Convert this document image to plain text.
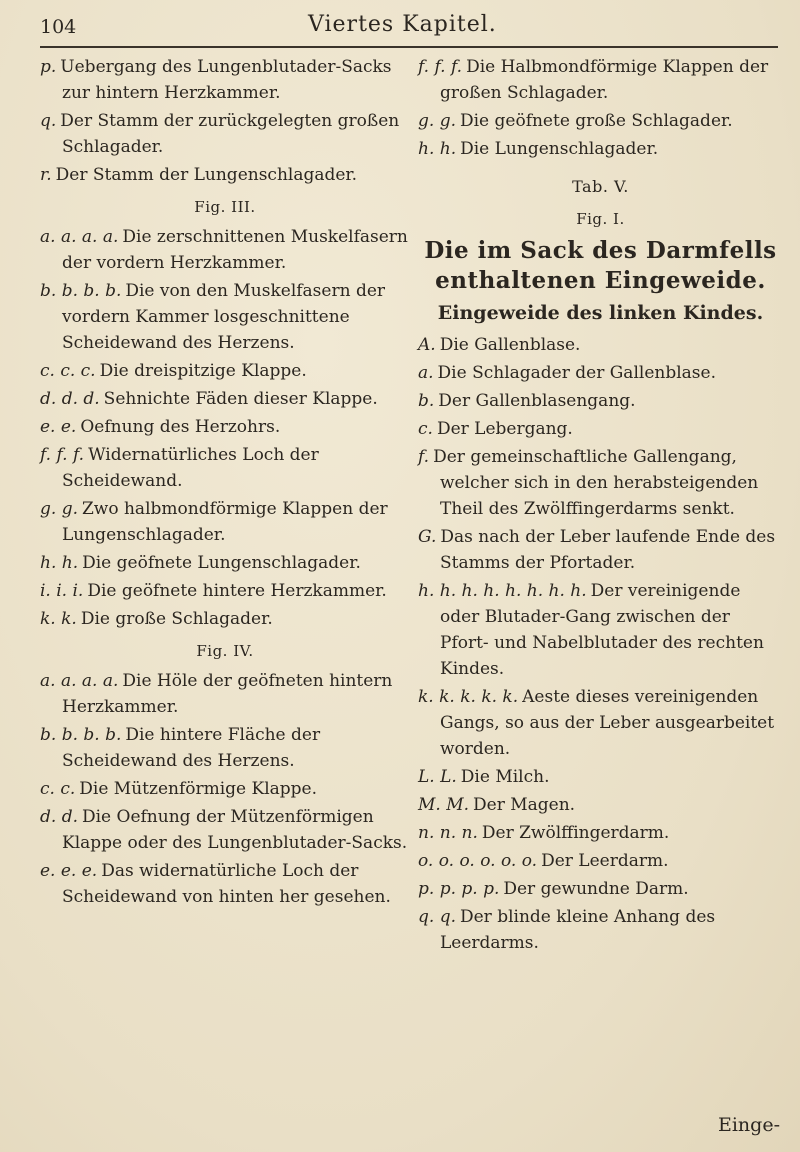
104	Viertes Kapitel.

p. Uebergang des Lungenblutader-Sacks zur hintern Herzkammer.

q. Der Stamm der zurückgelegten großen Schlagader.

r. Der Stamm der Lungenschlagader.

Fig. III.

a. a. a. a. Die zerschnittenen Muskelfasern der vordern Herzkammer.

b. b. b. b. Die von den Muskelfasern der vordern Kammer losgeschnittene Scheidewand des Herzens.

c. c. c. Die dreispitzige Klappe.

d. d. d. Sehnichte Fäden dieser Klappe.

e. e. Oefnung des Herzohrs.

f. f. f. Widernatürliches Loch der Scheidewand.

g. g. Zwo halbmondförmige Klappen der Lungenschlagader.

h. h. Die geöfnete Lungenschlagader.

i. i. i. Die geöfnete hintere Herzkammer.

k. k. Die große Schlagader.

Fig. IV.

a. a. a. a. Die Höle der geöfneten hintern Herzkammer.

b. b. b. b. Die hintere Fläche der Scheidewand des Herzens.

c. c. Die Mützenförmige Klappe.

d. d. Die Oefnung der Mützenförmigen Klappe oder des Lungenblutader-Sacks.

e. e. e. Das widernatürliche Loch der Scheidewand von hinten her gesehen.

f. f. f. Die Halbmondförmige Klappen der großen Schlagader.

g. g. Die geöfnete große Schlagader.

h. h. Die Lungenschlagader.

Tab. V.
Fig. I.
Die im Sack des Darmfells enthaltenen Eingeweide.
Eingeweide des linken Kindes.

A. Die Gallenblase.

a. Die Schlagader der Gallenblase.

b. Der Gallenblasengang.

c. Der Lebergang.

f. Der gemeinschaftliche Gallengang, welcher sich in den herabsteigenden Theil des Zwölffingerdarms senkt.

G. Das nach der Leber laufende Ende des Stamms der Pfortader.

h. h. h. h. h. h. h. h. Der vereinigende oder Blutader-Gang zwischen der Pfort- und Nabelblutader des rechten Kindes.

k. k. k. k. k. Aeste dieses vereinigenden Gangs, so aus der Leber ausgearbeitet worden.

L. L. Die Milch.

M. M. Der Magen.

n. n. n. Der Zwölffingerdarm.

o. o. o. o. o. o. Der Leerdarm.

p. p. p. p. Der gewundne Darm.

q. q. Der blinde kleine Anhang des Leerdarms.

Einge-
